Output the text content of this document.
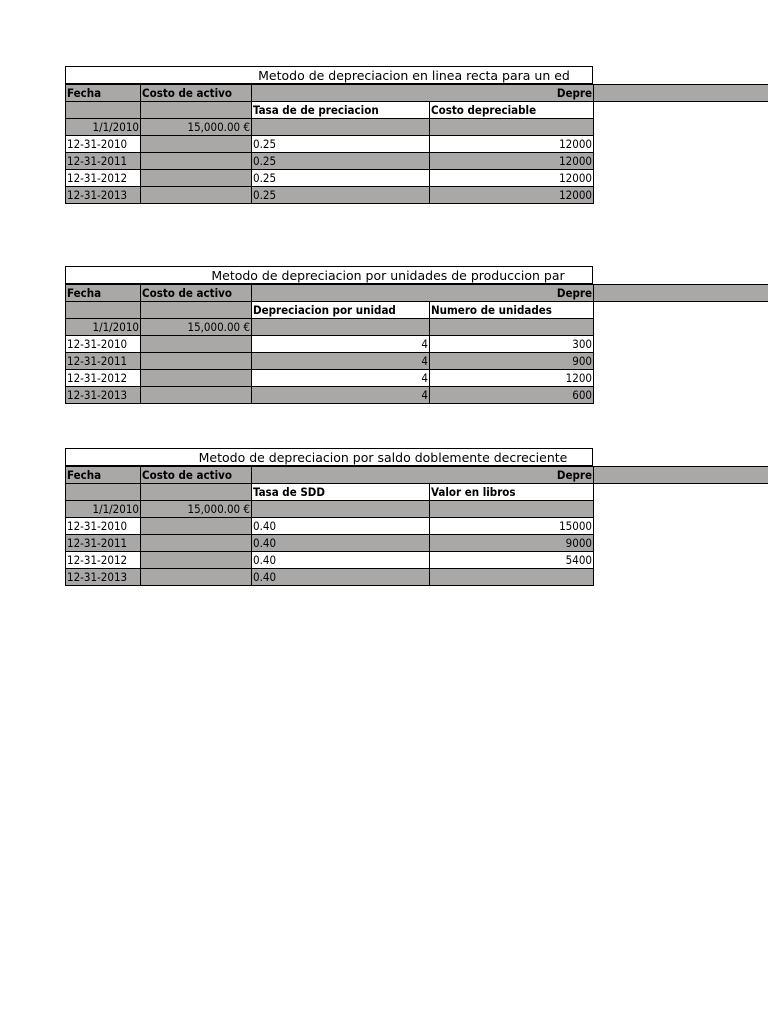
Metodo de depreciacion en linea recta para un ed
Fecha	Costo de activo	Depre	
		Tasa de de preciacion	Costo depreciable
1/1/2010	15,000.00 €		
12-31-2010		0.25	12000
12-31-2011		0.25	12000
12-31-2012		0.25	12000
12-31-2013		0.25	12000
Metodo de depreciacion por unidades de produccion par
Fecha	Costo de activo	Depre	
		Depreciacion por unidad	Numero de unidades
1/1/2010	15,000.00 €		
12-31-2010		4	300
12-31-2011		4	900
12-31-2012		4	1200
12-31-2013		4	600
Metodo de depreciacion por saldo doblemente decreciente
Fecha	Costo de activo	Depre	
		Tasa de SDD	Valor en libros
1/1/2010	15,000.00 €		
12-31-2010		0.40	15000
12-31-2011		0.40	9000
12-31-2012		0.40	5400
12-31-2013		0.40	
